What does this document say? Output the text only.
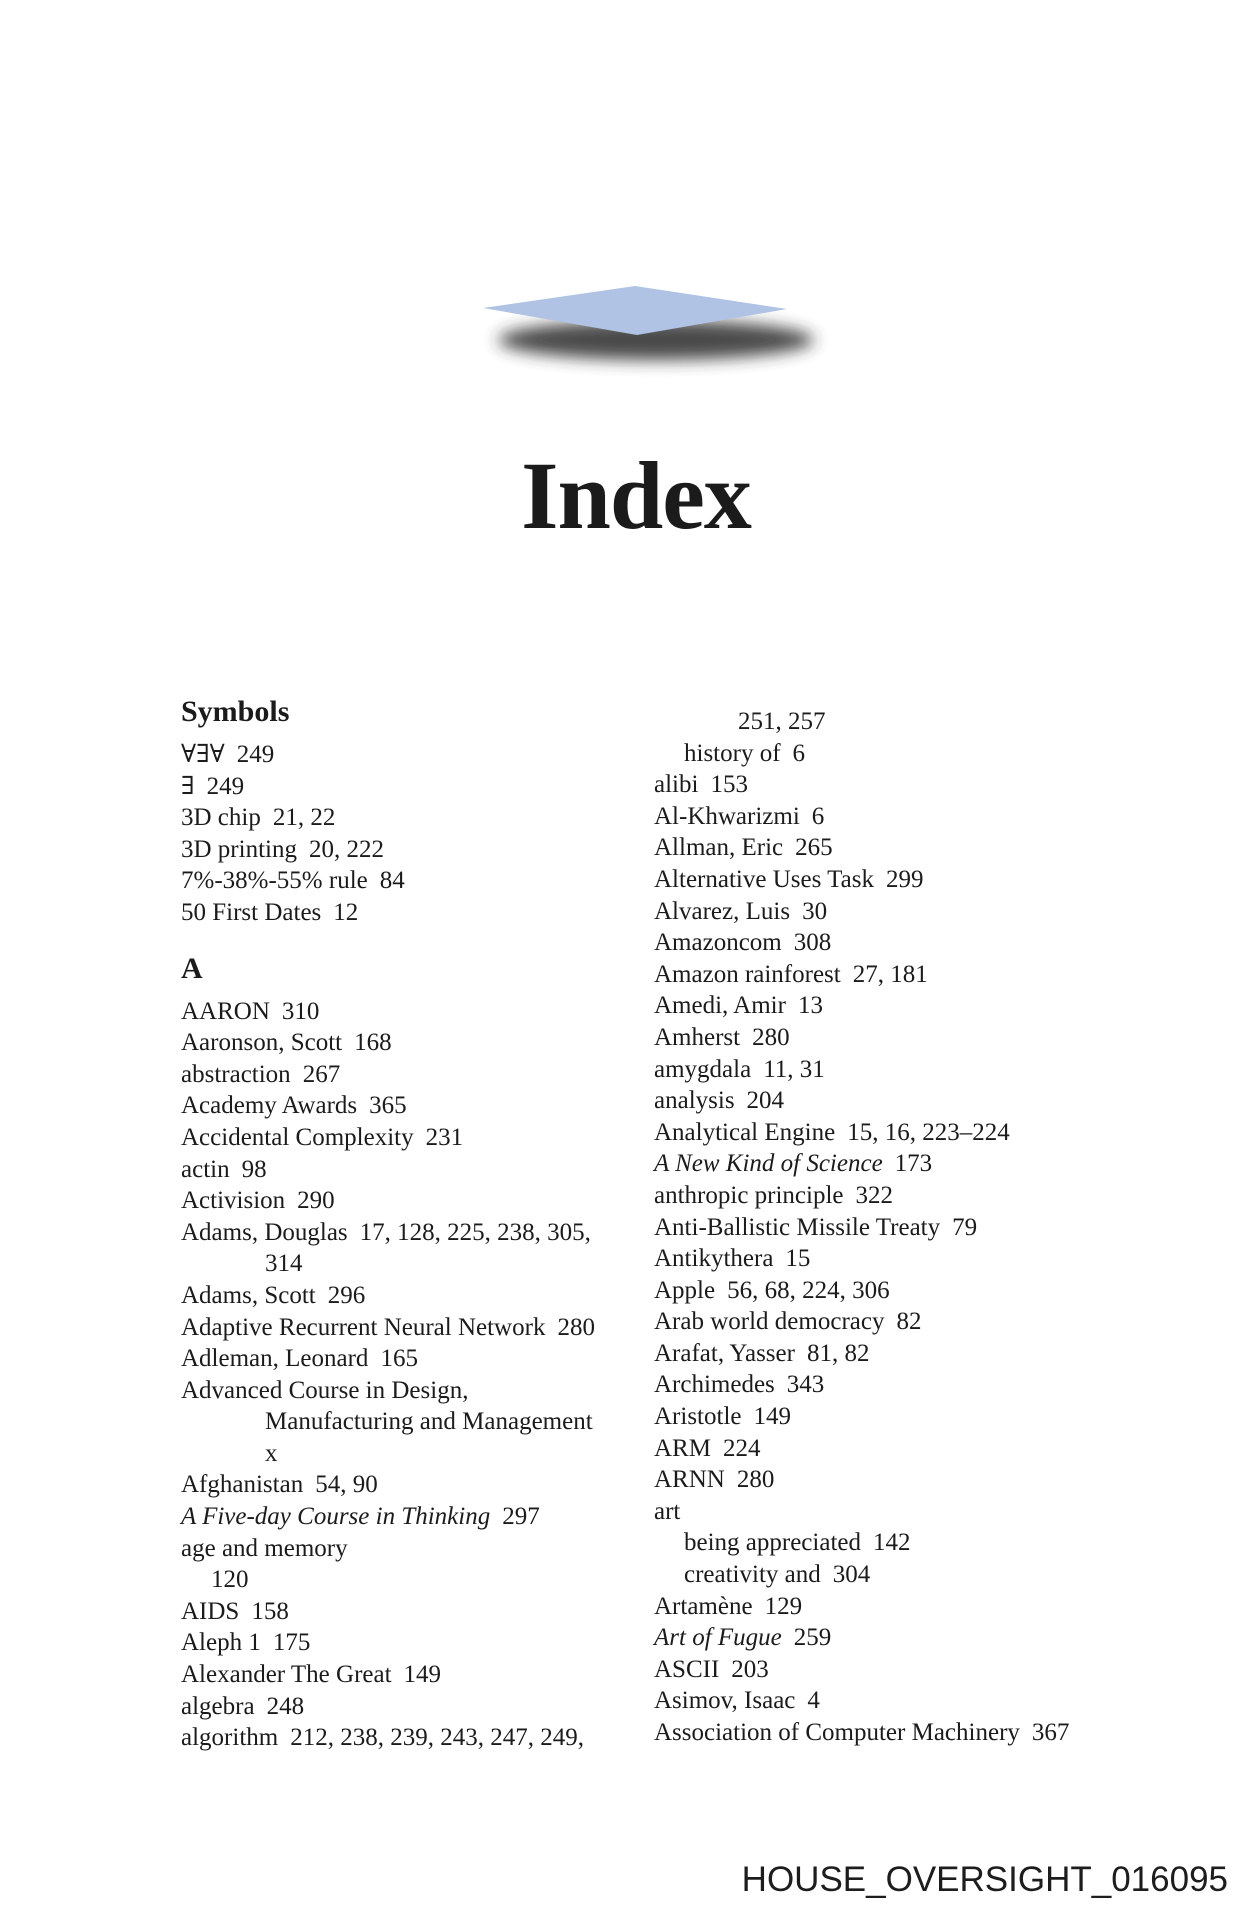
Index
Symbols
∀∃∀ 249
∃ 249
3D chip 21, 22
3D printing 20, 222
7%-38%-55% rule 84
50 First Dates 12
A
AARON 310
Aaronson, Scott 168
abstraction 267
Academy Awards 365
Accidental Complexity 231
actin 98
Activision 290
Adams, Douglas 17, 128, 225, 238, 305,
314
Adams, Scott 296
Adaptive Recurrent Neural Network 280
Adleman, Leonard 165
Advanced Course in Design,
Manufacturing and Management
x
Afghanistan 54, 90
A Five-day Course in Thinking 297
age and memory
120
AIDS 158
Aleph 1 175
Alexander The Great 149
algebra 248
algorithm 212, 238, 239, 243, 247, 249,
251, 257
history of 6
alibi 153
Al-Khwarizmi 6
Allman, Eric 265
Alternative Uses Task 299
Alvarez, Luis 30
Amazoncom 308
Amazon rainforest 27, 181
Amedi, Amir 13
Amherst 280
amygdala 11, 31
analysis 204
Analytical Engine 15, 16, 223–224
A New Kind of Science 173
anthropic principle 322
Anti-Ballistic Missile Treaty 79
Antikythera 15
Apple 56, 68, 224, 306
Arab world democracy 82
Arafat, Yasser 81, 82
Archimedes 343
Aristotle 149
ARM 224
ARNN 280
art
being appreciated 142
creativity and 304
Artamène 129
Art of Fugue 259
ASCII 203
Asimov, Isaac 4
Association of Computer Machinery 367
HOUSE_OVERSIGHT_016095
